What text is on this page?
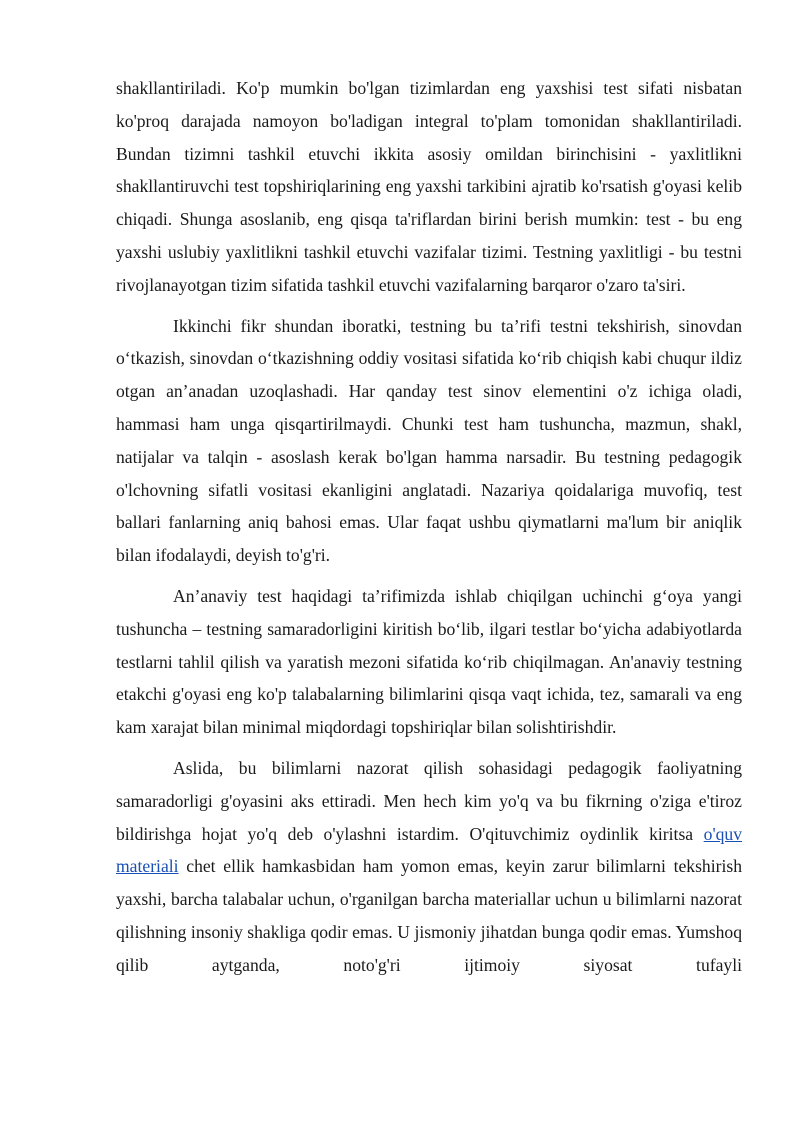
shakllantiriladi. Ko'p mumkin bo'lgan tizimlardan eng yaxshisi test sifati nisbatan ko'proq darajada namoyon bo'ladigan integral to'plam tomonidan shakllantiriladi. Bundan tizimni tashkil etuvchi ikkita asosiy omildan birinchisini - yaxlitlikni shakllantiruvchi test topshiriqlarining eng yaxshi tarkibini ajratib ko'rsatish g'oyasi kelib chiqadi. Shunga asoslanib, eng qisqa ta'riflardan birini berish mumkin: test - bu eng yaxshi uslubiy yaxlitlikni tashkil etuvchi vazifalar tizimi. Testning yaxlitligi - bu testni rivojlanayotgan tizim sifatida tashkil etuvchi vazifalarning barqaror o'zaro ta'siri.

Ikkinchi fikr shundan iboratki, testning bu ta’rifi testni tekshirish, sinovdan o‘tkazish, sinovdan o‘tkazishning oddiy vositasi sifatida ko‘rib chiqish kabi chuqur ildiz otgan an’anadan uzoqlashadi. Har qanday test sinov elementini o'z ichiga oladi, hammasi ham unga qisqartirilmaydi. Chunki test ham tushuncha, mazmun, shakl, natijalar va talqin - asoslash kerak bo'lgan hamma narsadir. Bu testning pedagogik o'lchovning sifatli vositasi ekanligini anglatadi. Nazariya qoidalariga muvofiq, test ballari fanlarning aniq bahosi emas. Ular faqat ushbu qiymatlarni ma'lum bir aniqlik bilan ifodalaydi, deyish to'g'ri.

An’anaviy test haqidagi ta’rifimizda ishlab chiqilgan uchinchi g‘oya yangi tushuncha – testning samaradorligini kiritish bo‘lib, ilgari testlar bo‘yicha adabiyotlarda testlarni tahlil qilish va yaratish mezoni sifatida ko‘rib chiqilmagan. An'anaviy testning etakchi g'oyasi eng ko'p talabalarning bilimlarini qisqa vaqt ichida, tez, samarali va eng kam xarajat bilan minimal miqdordagi topshiriqlar bilan solishtirishdir.

Aslida, bu bilimlarni nazorat qilish sohasidagi pedagogik faoliyatning samaradorligi g'oyasini aks ettiradi. Men hech kim yo'q va bu fikrning o'ziga e'tiroz bildirishga hojat yo'q deb o'ylashni istardim. O'qituvchimiz oydinlik kiritsa o'quv materiali chet ellik hamkasbidan ham yomon emas, keyin zarur bilimlarni tekshirish yaxshi, barcha talabalar uchun, o'rganilgan barcha materiallar uchun u bilimlarni nazorat qilishning insoniy shakliga qodir emas. U jismoniy jihatdan bunga qodir emas. Yumshoq qilib aytganda, noto'g'ri ijtimoiy siyosat tufayli
